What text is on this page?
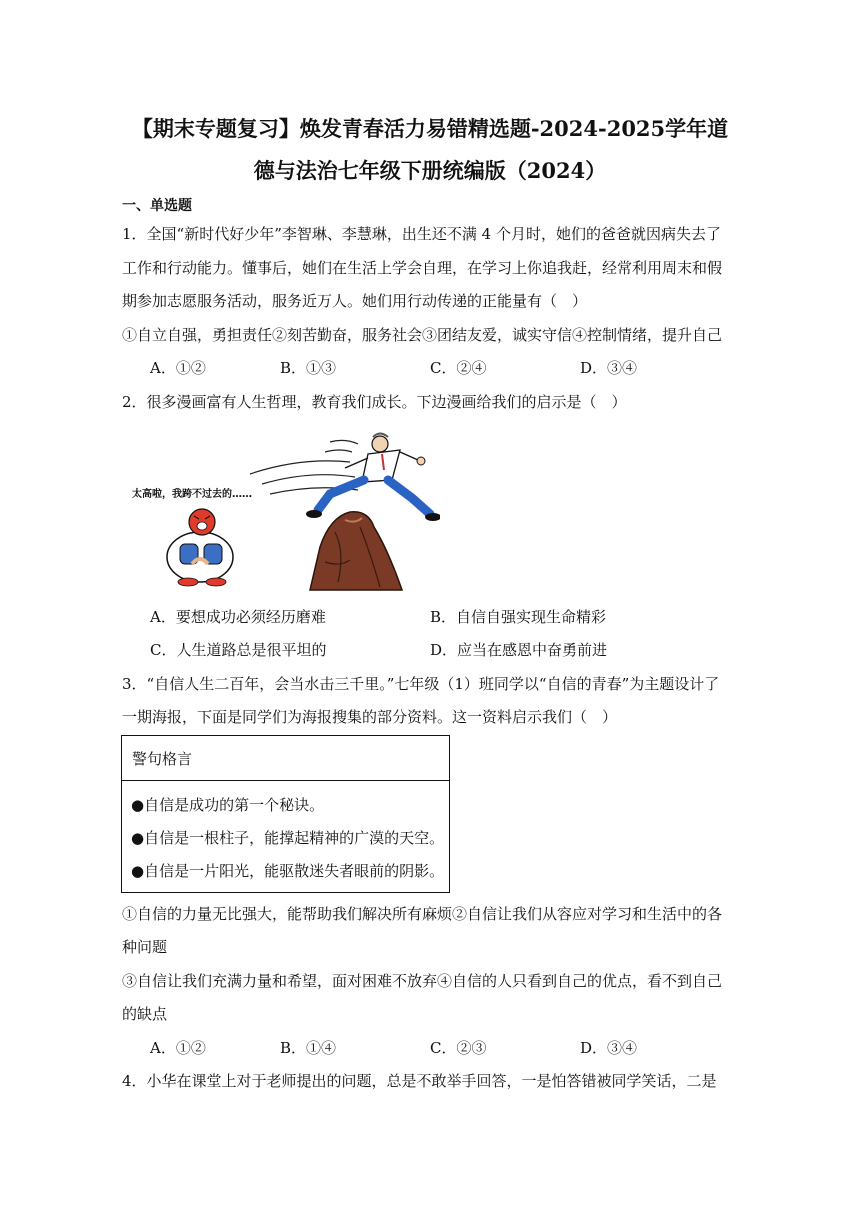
【期末专题复习】焕发青春活力易错精选题-2024-2025学年道
德与法治七年级下册统编版（2024）
一、单选题
1．全国“新时代好少年”李智琳、李慧琳，出生还不满 4 个月时，她们的爸爸就因病失去了
工作和行动能力。懂事后，她们在生活上学会自理，在学习上你追我赶，经常利用周末和假
期参加志愿服务活动，服务近万人。她们用行动传递的正能量有（　）
①自立自强，勇担责任②刻苦勤奋，服务社会③团结友爱，诚实守信④控制情绪，提升自己
A．①②	B．①③	C．②④	D．③④
2．很多漫画富有人生哲理，教育我们成长。下边漫画给我们的启示是（　）
太高啦，我跨不过去的……
A．要想成功必须经历磨难	B．自信自强实现生命精彩
C．人生道路总是很平坦的	D．应当在感恩中奋勇前进
3．“自信人生二百年，会当水击三千里。”七年级（1）班同学以“自信的青春”为主题设计了
一期海报，下面是同学们为海报搜集的部分资料。这一资料启示我们（　）
警句格言
●自信是成功的第一个秘诀。
●自信是一根柱子，能撑起精神的广漠的天空。
●自信是一片阳光，能驱散迷失者眼前的阴影。
①自信的力量无比强大，能帮助我们解决所有麻烦②自信让我们从容应对学习和生活中的各
种问题
③自信让我们充满力量和希望，面对困难不放弃④自信的人只看到自己的优点，看不到自己
的缺点
A．①②	B．①④	C．②③	D．③④
4．小华在课堂上对于老师提出的问题，总是不敢举手回答，一是怕答错被同学笑话，二是
